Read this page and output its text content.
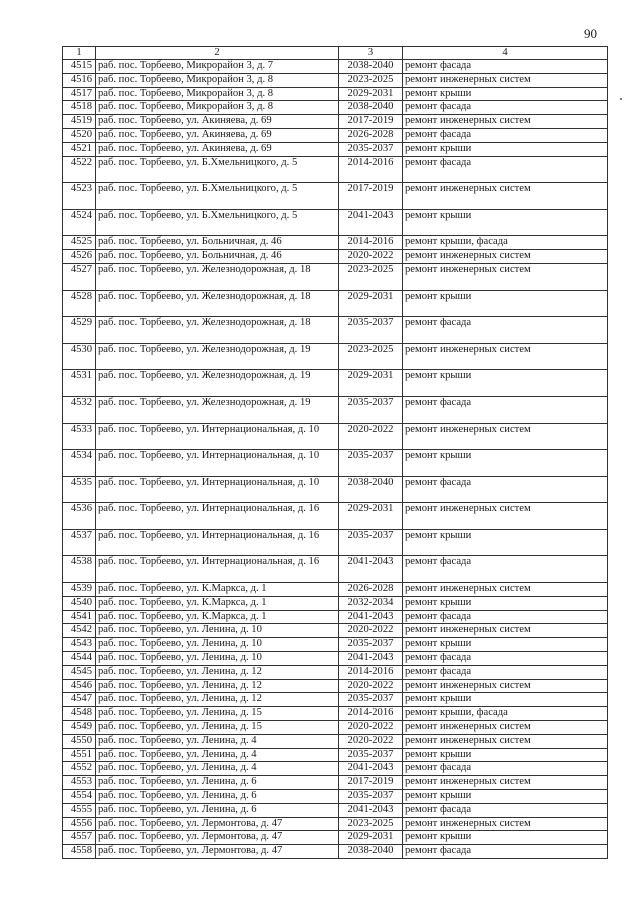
90
1	2	3	4
4515	раб. пос. Торбеево, Микрорайон 3, д. 7	2038-2040	ремонт фасада
4516	раб. пос. Торбеево, Микрорайон 3, д. 8	2023-2025	ремонт инженерных систем
4517	раб. пос. Торбеево, Микрорайон 3, д. 8	2029-2031	ремонт крыши
4518	раб. пос. Торбеево, Микрорайон 3, д. 8	2038-2040	ремонт фасада
4519	раб. пос. Торбеево, ул. Акиняева, д. 69	2017-2019	ремонт инженерных систем
4520	раб. пос. Торбеево, ул. Акиняева, д. 69	2026-2028	ремонт фасада
4521	раб. пос. Торбеево, ул. Акиняева, д. 69	2035-2037	ремонт крыши
4522	раб. пос. Торбеево, ул. Б.Хмельницкого, д. 5	2014-2016	ремонт фасада
4523	раб. пос. Торбеево, ул. Б.Хмельницкого, д. 5	2017-2019	ремонт инженерных систем
4524	раб. пос. Торбеево, ул. Б.Хмельницкого, д. 5	2041-2043	ремонт крыши
4525	раб. пос. Торбеево, ул. Больничная, д. 46	2014-2016	ремонт крыши, фасада
4526	раб. пос. Торбеево, ул. Больничная, д. 46	2020-2022	ремонт инженерных систем
4527	раб. пос. Торбеево, ул. Железнодорожная, д. 18	2023-2025	ремонт инженерных систем
4528	раб. пос. Торбеево, ул. Железнодорожная, д. 18	2029-2031	ремонт крыши
4529	раб. пос. Торбеево, ул. Железнодорожная, д. 18	2035-2037	ремонт фасада
4530	раб. пос. Торбеево, ул. Железнодорожная, д. 19	2023-2025	ремонт инженерных систем
4531	раб. пос. Торбеево, ул. Железнодорожная, д. 19	2029-2031	ремонт крыши
4532	раб. пос. Торбеево, ул. Железнодорожная, д. 19	2035-2037	ремонт фасада
4533	раб. пос. Торбеево, ул. Интернациональная, д. 10	2020-2022	ремонт инженерных систем
4534	раб. пос. Торбеево, ул. Интернациональная, д. 10	2035-2037	ремонт крыши
4535	раб. пос. Торбеево, ул. Интернациональная, д. 10	2038-2040	ремонт фасада
4536	раб. пос. Торбеево, ул. Интернациональная, д. 16	2029-2031	ремонт инженерных систем
4537	раб. пос. Торбеево, ул. Интернациональная, д. 16	2035-2037	ремонт крыши
4538	раб. пос. Торбеево, ул. Интернациональная, д. 16	2041-2043	ремонт фасада
4539	раб. пос. Торбеево, ул. К.Маркса, д. 1	2026-2028	ремонт инженерных систем
4540	раб. пос. Торбеево, ул. К.Маркса, д. 1	2032-2034	ремонт крыши
4541	раб. пос. Торбеево, ул. К.Маркса, д. 1	2041-2043	ремонт фасада
4542	раб. пос. Торбеево, ул. Ленина, д. 10	2020-2022	ремонт инженерных систем
4543	раб. пос. Торбеево, ул. Ленина, д. 10	2035-2037	ремонт крыши
4544	раб. пос. Торбеево, ул. Ленина, д. 10	2041-2043	ремонт фасада
4545	раб. пос. Торбеево, ул. Ленина, д. 12	2014-2016	ремонт фасада
4546	раб. пос. Торбеево, ул. Ленина, д. 12	2020-2022	ремонт инженерных систем
4547	раб. пос. Торбеево, ул. Ленина, д. 12	2035-2037	ремонт крыши
4548	раб. пос. Торбеево, ул. Ленина, д. 15	2014-2016	ремонт крыши, фасада
4549	раб. пос. Торбеево, ул. Ленина, д. 15	2020-2022	ремонт инженерных систем
4550	раб. пос. Торбеево, ул. Ленина, д. 4	2020-2022	ремонт инженерных систем
4551	раб. пос. Торбеево, ул. Ленина, д. 4	2035-2037	ремонт крыши
4552	раб. пос. Торбеево, ул. Ленина, д. 4	2041-2043	ремонт фасада
4553	раб. пос. Торбеево, ул. Ленина, д. 6	2017-2019	ремонт инженерных систем
4554	раб. пос. Торбеево, ул. Ленина, д. 6	2035-2037	ремонт крыши
4555	раб. пос. Торбеево, ул. Ленина, д. 6	2041-2043	ремонт фасада
4556	раб. пос. Торбеево, ул. Лермонтова, д. 47	2023-2025	ремонт инженерных систем
4557	раб. пос. Торбеево, ул. Лермонтова, д. 47	2029-2031	ремонт крыши
4558	раб. пос. Торбеево, ул. Лермонтова, д. 47	2038-2040	ремонт фасада
